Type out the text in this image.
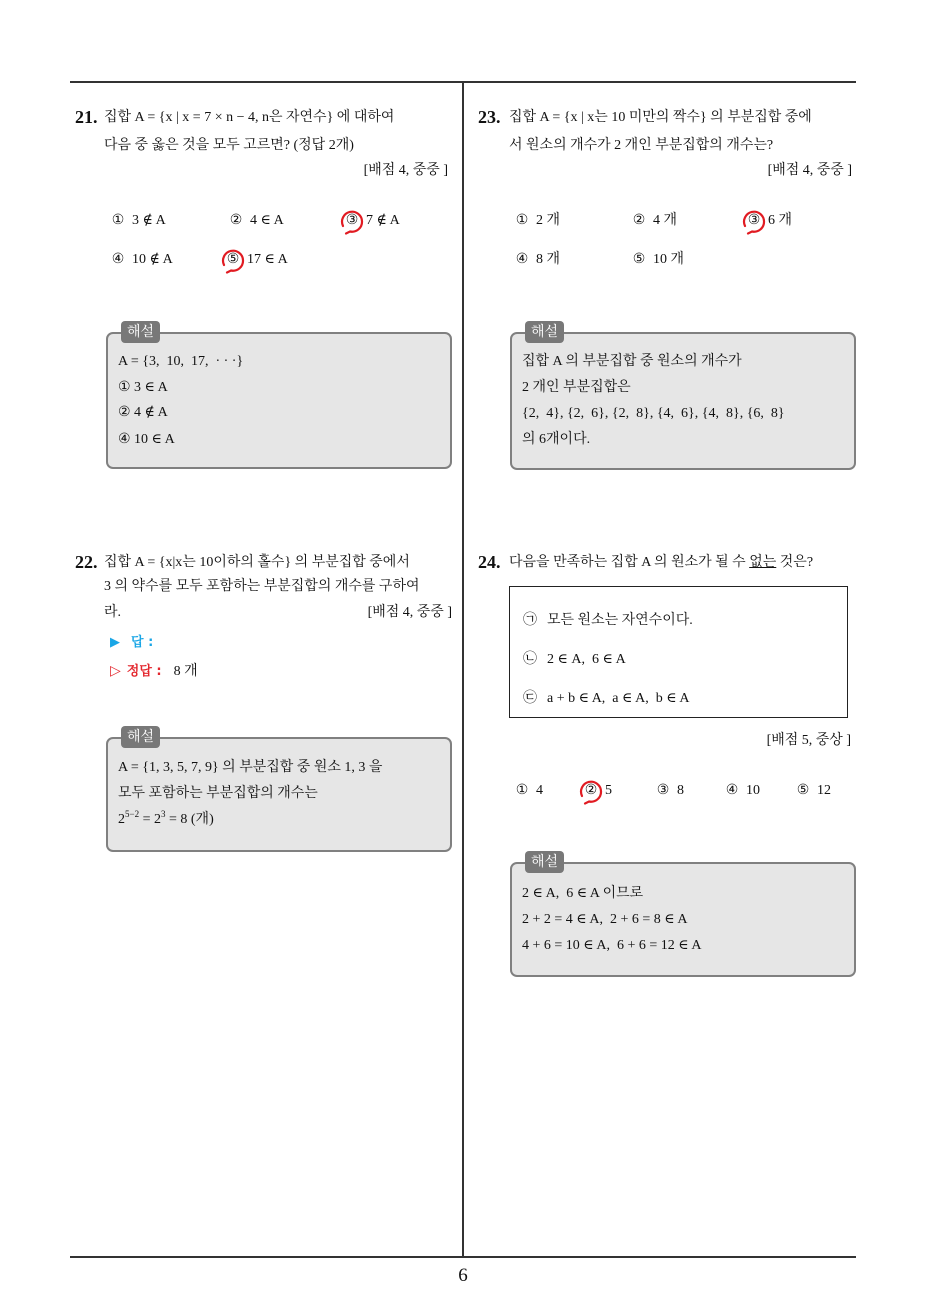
21. 집합 A = {x | x = 7 × n − 4, n은 자연수} 에 대하여
다음 중 옳은 것을 모두 고르면? (정답 2개)
[배점 4, 중중 ]
① 3 ∉ A	② 4 ∈ A	③ 7 ∉ A
④ 10 ∉ A	⑤ 17 ∈ A
해설
A = {3,  10,  17,  · · ·}
① 3 ∈ A
② 4 ∉ A
④ 10 ∈ A
22. 집합 A = {x|x는 10이하의 홀수} 의 부분집합 중에서
3 의 약수를 모두 포함하는 부분집합의 개수를 구하여
라.	[배점 4, 중중 ]
▶ 답 :
▷ 정답 : 8 개
해설
A = {1, 3, 5, 7, 9} 의 부분집합 중 원소 1, 3 을
모두 포함하는 부분집합의 개수는
$2^{5-2} = 2^3 = 8$ (개)
23. 집합 A = {x | x는 10 미만의 짝수} 의 부분집합 중에
서 원소의 개수가 2 개인 부분집합의 개수는?
[배점 4, 중중 ]
① 2 개	② 4 개	③ 6 개
④ 8 개	⑤ 10 개
해설
집합 A 의 부분집합 중 원소의 개수가
2 개인 부분집합은
{2,  4}, {2,  6}, {2,  8}, {4,  6}, {4,  8}, {6,  8}
의 6개이다.
24. 다음을 만족하는 집합 A 의 원소가 될 수 없는 것은?
㉠ 모든 원소는 자연수이다.
㉡ 2 ∈ A,  6 ∈ A
㉢ a + b ∈ A,  a ∈ A,  b ∈ A
[배점 5, 중상 ]
① 4	② 5	③ 8	④ 10	⑤ 12
해설
2 ∈ A,  6 ∈ A 이므로
2 + 2 = 4 ∈ A,  2 + 6 = 8 ∈ A
4 + 6 = 10 ∈ A,  6 + 6 = 12 ∈ A
6
